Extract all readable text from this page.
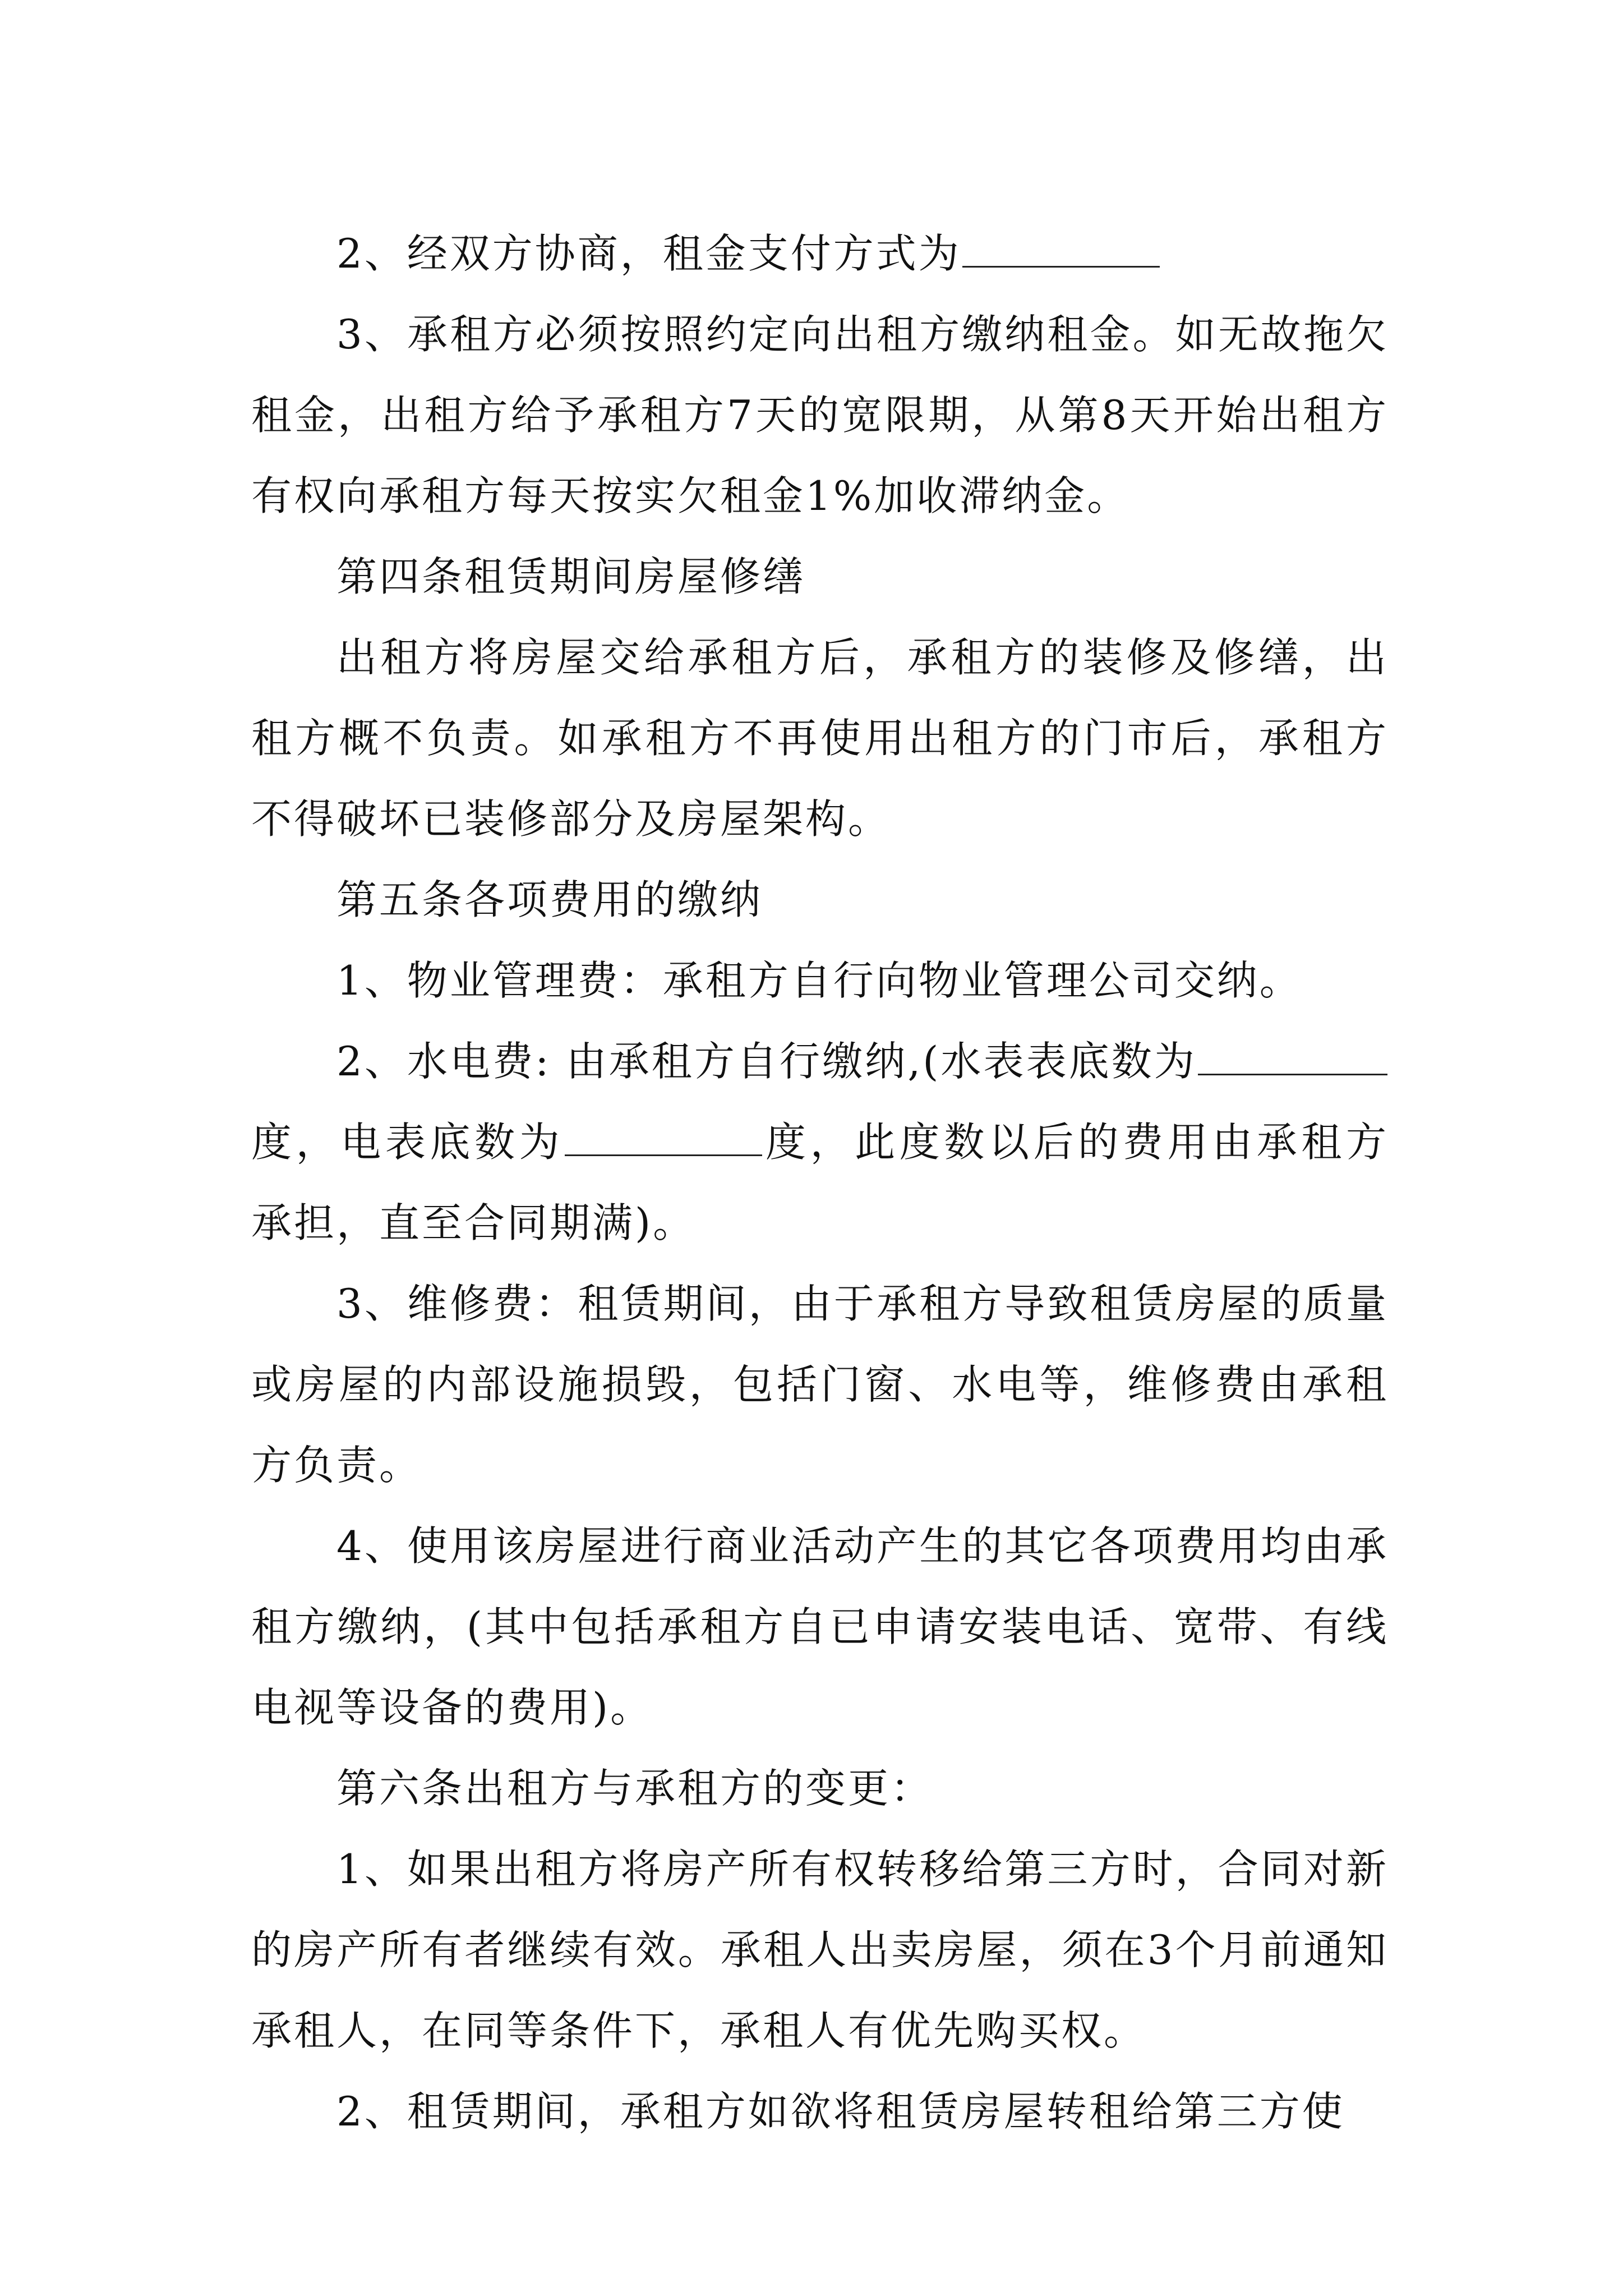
2、经双方协商，租金支付方式为

3、承租方必须按照约定向出租方缴纳租金。如无故拖欠租金，出租方给予承租方7天的宽限期，从第8天开始出租方有权向承租方每天按实欠租金1%加收滞纳金。

第四条租赁期间房屋修缮

出租方将房屋交给承租方后，承租方的装修及修缮，出租方概不负责。如承租方不再使用出租方的门市后，承租方不得破坏已装修部分及房屋架构。

第五条各项费用的缴纳

1、物业管理费：承租方自行向物业管理公司交纳。

2、水电费: 由承租方自行缴纳,(水表表底数为度，电表底数为	度，此度数以后的费用由承租方承担，直至合同期满)。

3、维修费：租赁期间，由于承租方导致租赁房屋的质量或房屋的内部设施损毁，包括门窗、水电等，维修费由承租方负责。

4、使用该房屋进行商业活动产生的其它各项费用均由承租方缴纳，(其中包括承租方自已申请安装电话、宽带、有线电视等设备的费用)。

第六条出租方与承租方的变更：

1、如果出租方将房产所有权转移给第三方时，合同对新的房产所有者继续有效。承租人出卖房屋，须在3个月前通知承租人，在同等条件下，承租人有优先购买权。

2、租赁期间，承租方如欲将租赁房屋转租给第三方使
